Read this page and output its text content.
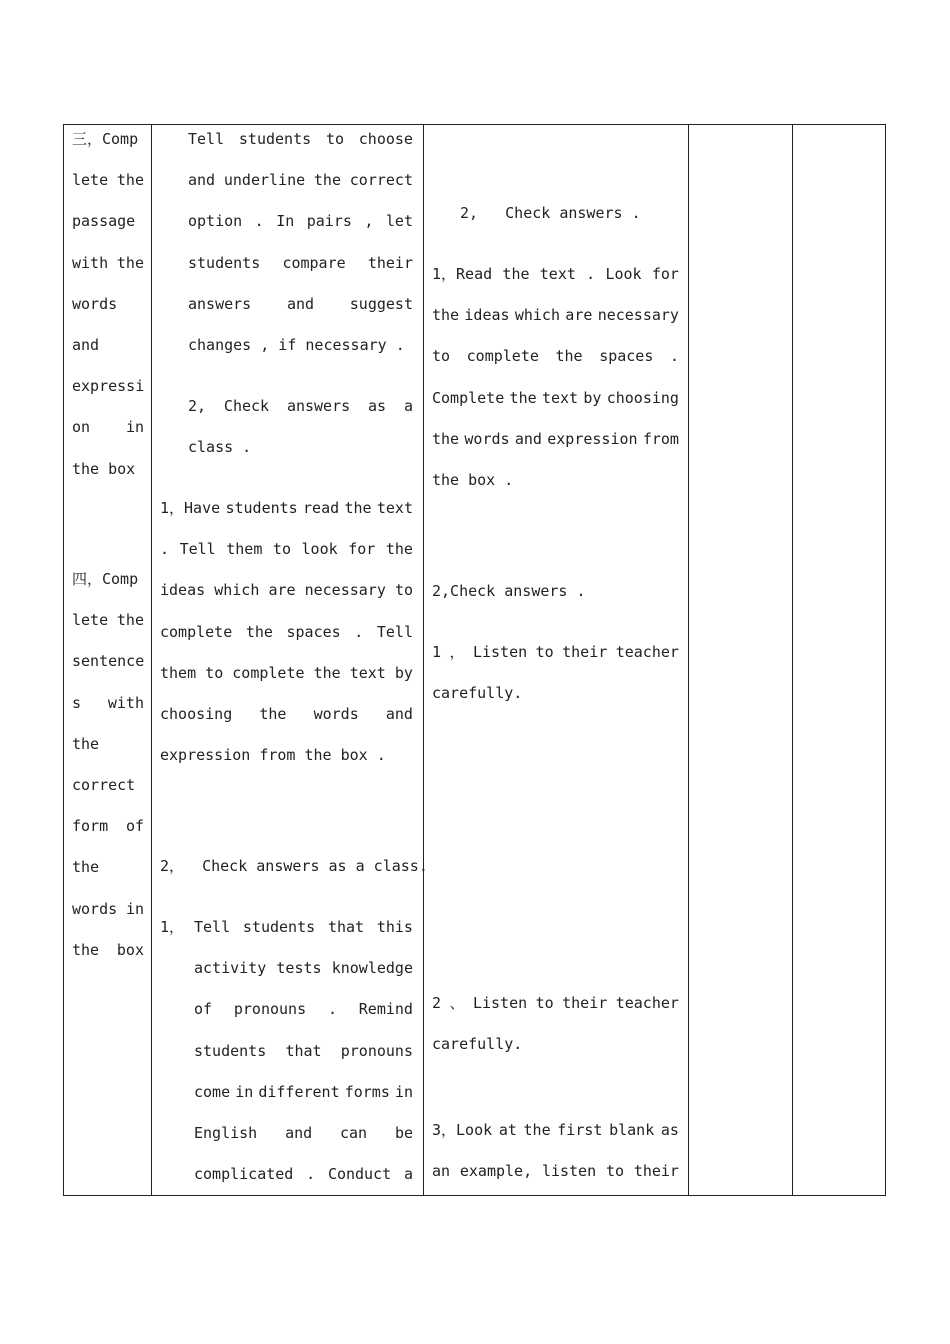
三，Comp
lete the
passage
with the
words
and
expressi
on in
the box
四，Comp
lete the
sentence
s with
the
correct
form of
the
words in
the box
Tell students to choose
and underline the correct
option . In pairs , let
students compare their
answers and suggest
changes , if necessary .
2, Check answers as a
class .
1，Have students read the text
. Tell them to look for the
ideas which are necessary to
complete the spaces . Tell
them to complete the text by
choosing the words and
expression from the box .
2，  Check answers as a class.
1， Tell students that this
activity tests knowledge
of pronouns . Remind
students that pronouns
come in different forms in
English and can be
complicated . Conduct a
2,   Check answers .
1，Read the text . Look for
the ideas which are necessary
to complete the spaces .
Complete the text by choosing
the words and expression from
the box .
2,Check answers .
1 ， Listen to their teacher
carefully.
2 、 Listen to their teacher
carefully.
3，Look at the first blank as
an example, listen to their
